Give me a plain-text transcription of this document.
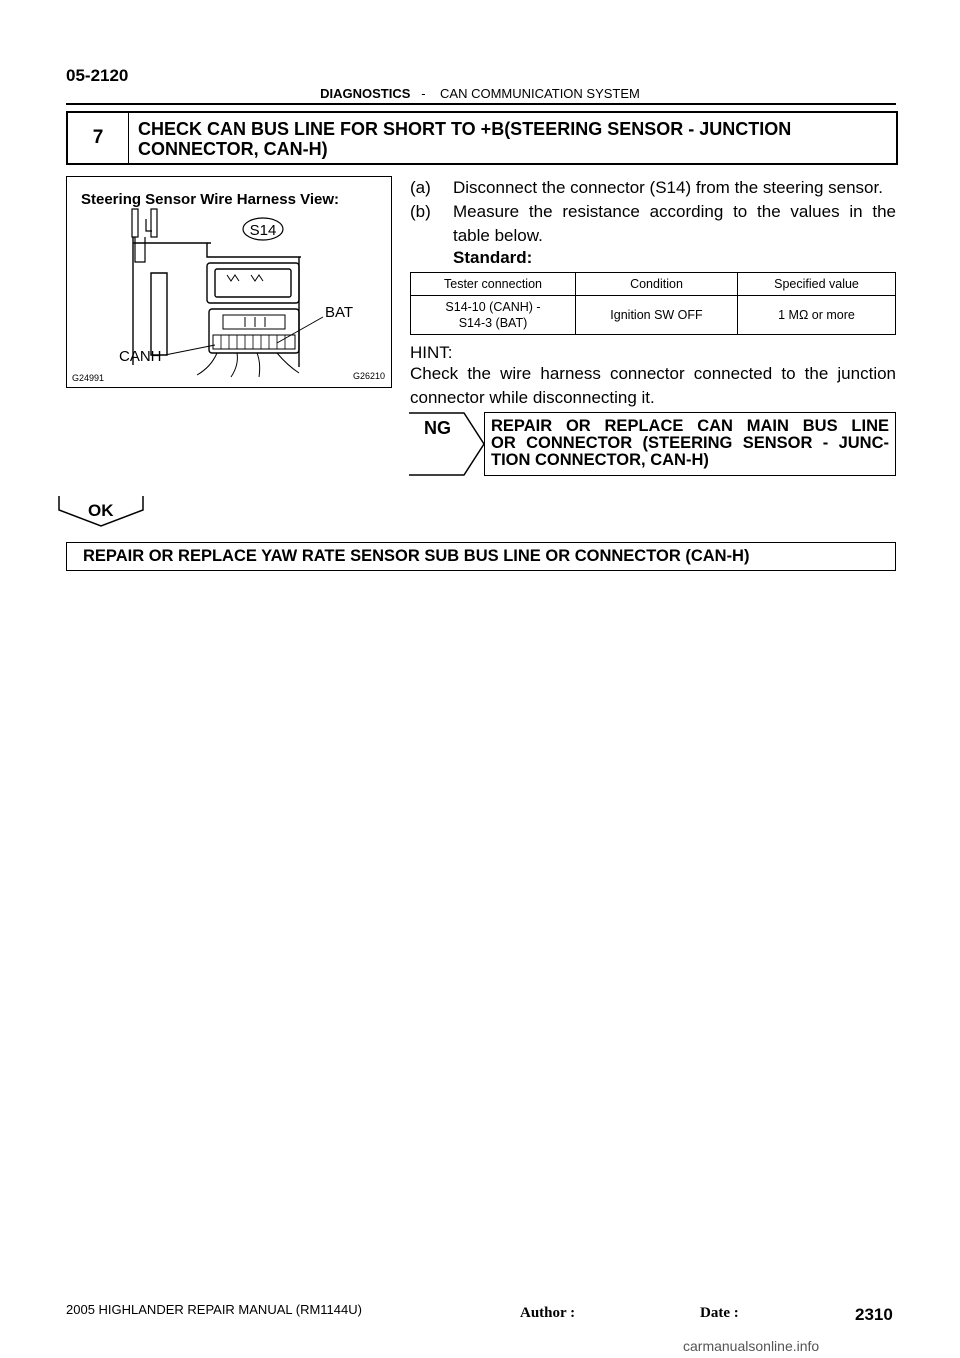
05-2120
DIAGNOSTICS - CAN COMMUNICATION SYSTEM
7	CHECK CAN BUS LINE FOR SHORT TO +B(STEERING SENSOR - JUNCTION
CONNECTOR, CAN-H)
Steering Sensor Wire Harness View:
S14
BAT
CANH
G24991	G26210
(a) Disconnect the connector (S14) from the steering sensor.
(b) Measure the resistance according to the values in the
table below.
Standard:
Tester connection	Condition	Specified value

S14-10 (CANH) -
S14-3 (BAT)	Ignition SW OFF	1 MΩ or more
HINT:
Check the wire harness connector connected to the junction connector while disconnecting it.
NG REPAIR OR REPLACE CAN MAIN BUS LINE
OR CONNECTOR (STEERING SENSOR - JUNC-
TION CONNECTOR, CAN-H)
OK
REPAIR OR REPLACE YAW RATE SENSOR SUB BUS LINE OR CONNECTOR (CAN-H)
2005 HIGHLANDER REPAIR MANUAL (RM1144U)	Author :	Date :	2310
carmanualsonline.info
